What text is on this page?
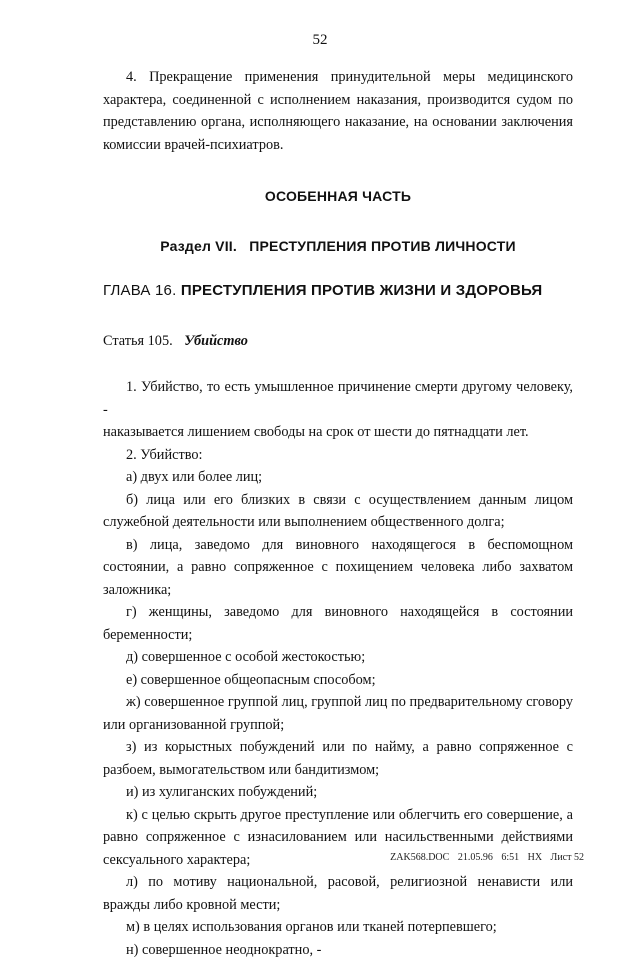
52

4. Прекращение применения принудительной меры медицинского характера, соединенной с исполнением наказания, производится судом по представлению органа, исполняющего наказание, на основании заключения комиссии врачей-психиатров.

ОСОБЕННАЯ ЧАСТЬ

Раздел VII.   ПРЕСТУПЛЕНИЯ ПРОТИВ ЛИЧНОСТИ

ГЛАВА 16. ПРЕСТУПЛЕНИЯ ПРОТИВ ЖИЗНИ И ЗДОРОВЬЯ

Статья 105. Убийство

1. Убийство, то есть умышленное причинение смерти другому человеку, -

наказывается лишением свободы на срок от шести до пятнадцати лет.

2. Убийство:

а) двух или более лиц;

б) лица или его близких в связи с осуществлением данным лицом служебной деятельности или выполнением общественного долга;

в) лица, заведомо для виновного находящегося в беспомощном состоянии, а равно сопряженное с похищением человека либо захватом заложника;

г) женщины, заведомо для виновного находящейся в состоянии беременности;

д) совершенное с особой жестокостью;

е) совершенное общеопасным способом;

ж) совершенное группой лиц, группой лиц по предварительному сговору или организованной группой;

з) из корыстных побуждений или по найму, а равно сопряженное с разбоем, вымогательством или бандитизмом;

и) из хулиганских побуждений;

к) с целью скрыть другое преступление или облегчить его совершение, а равно сопряженное с изнасилованием или насильственными действиями сексуального характера;

л) по мотиву национальной, расовой, религиозной ненависти или вражды либо кровной мести;

м) в целях использования органов или тканей потерпевшего;

н) совершенное неоднократно, -

ZAK568.DOC 21.05.96 6:51 НХ Лист 52
